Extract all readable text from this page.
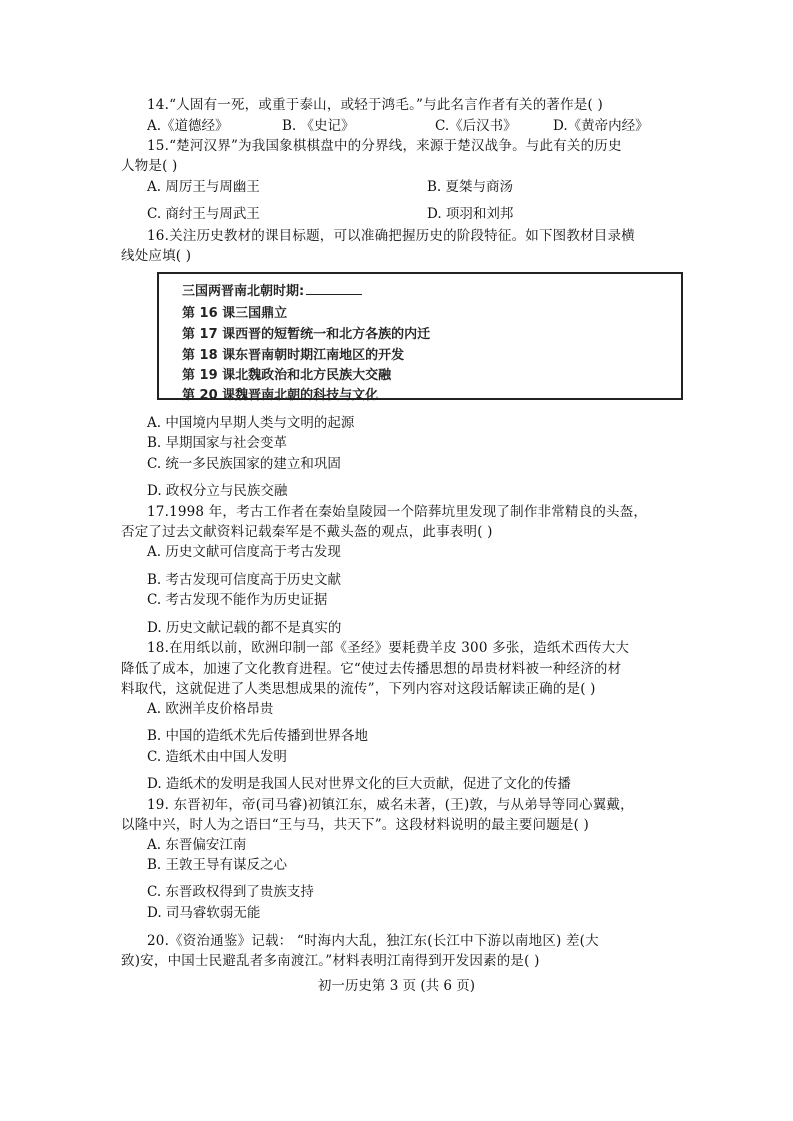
14.“人固有一死，或重于泰山，或轻于鸿毛。”与此名言作者有关的著作是( )
A.《道德经》	B. 《史记》	C.《后汉书》	D.《黄帝内经》
15.“楚河汉界”为我国象棋棋盘中的分界线，来源于楚汉战争。与此有关的历史
人物是( )
A. 周厉王与周幽王	B. 夏桀与商汤
C. 商纣王与周武王	D. 项羽和刘邦
16.关注历史教材的课目标题，可以准确把握历史的阶段特征。如下图教材目录横
线处应填( )
三国两晋南北朝时期:
第 16 课三国鼎立
第 17 课西晋的短暂统一和北方各族的内迁
第 18 课东晋南朝时期江南地区的开发
第 19 课北魏政治和北方民族大交融
第 20 课魏晋南北朝的科技与文化
A. 中国境内早期人类与文明的起源
B. 早期国家与社会变革
C. 统一多民族国家的建立和巩固
D. 政权分立与民族交融
17.1998 年，考古工作者在秦始皇陵园一个陪葬坑里发现了制作非常精良的头盔，
否定了过去文献资料记载秦军是不戴头盔的观点，此事表明( )
A. 历史文献可信度高于考古发现
B. 考古发现可信度高于历史文献
C. 考古发现不能作为历史证据
D. 历史文献记载的都不是真实的
18.在用纸以前，欧洲印制一部《圣经》要耗费羊皮 300 多张，造纸术西传大大
降低了成本，加速了文化教育进程。它“使过去传播思想的昂贵材料被一种经济的材
料取代，这就促进了人类思想成果的流传”，下列内容对这段话解读正确的是( )
A. 欧洲羊皮价格昂贵
B. 中国的造纸术先后传播到世界各地
C. 造纸术由中国人发明
D. 造纸术的发明是我国人民对世界文化的巨大贡献，促进了文化的传播
19. 东晋初年，帝(司马睿)初镇江东，威名未著，(王)敦，与从弟导等同心翼戴，
以隆中兴，时人为之语曰“王与马，共天下”。这段材料说明的最主要问题是( )
A. 东晋偏安江南
B. 王敦王导有谋反之心
C. 东晋政权得到了贵族支持
D. 司马睿软弱无能
20.《资治通鉴》记载： “时海内大乱，独江东(长江中下游以南地区) 差(大
致)安，中国士民避乱者多南渡江。”材料表明江南得到开发因素的是( )
初一历史第 3 页 (共 6 页)
